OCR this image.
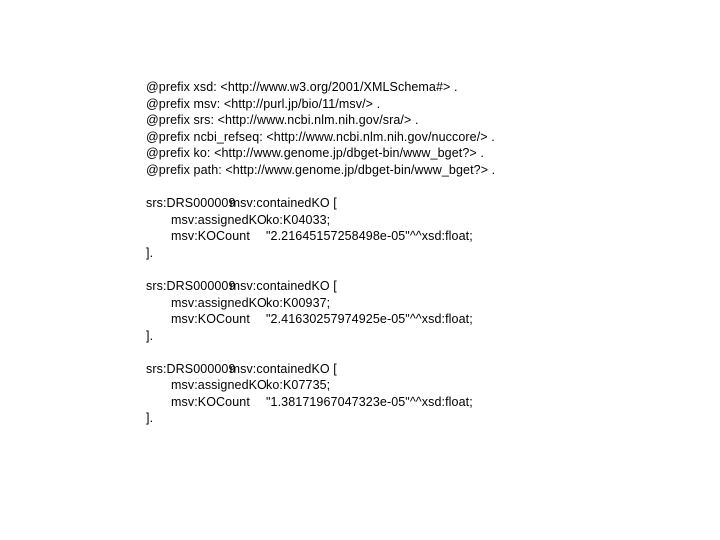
@prefix xsd: <http://www.w3.org/2001/XMLSchema#> .
@prefix msv: <http://purl.jp/bio/11/msv/> .
@prefix srs: <http://www.ncbi.nlm.nih.gov/sra/> .
@prefix ncbi_refseq: <http://www.ncbi.nlm.nih.gov/nuccore/> .
@prefix ko: <http://www.genome.jp/dbget-bin/www_bget?> .
@prefix path: <http://www.genome.jp/dbget-bin/www_bget?> .
srs:DRS000009 msv:containedKO [
msv:assignedKOko:K04033;
msv:KOCount "2.21645157258498e-05"^^xsd:float;
].
srs:DRS000009 msv:containedKO [
msv:assignedKOko:K00937;
msv:KOCount "2.41630257974925e-05"^^xsd:float;
].
srs:DRS000009 msv:containedKO [
msv:assignedKOko:K07735;
msv:KOCount "1.38171967047323e-05"^^xsd:float;
].
